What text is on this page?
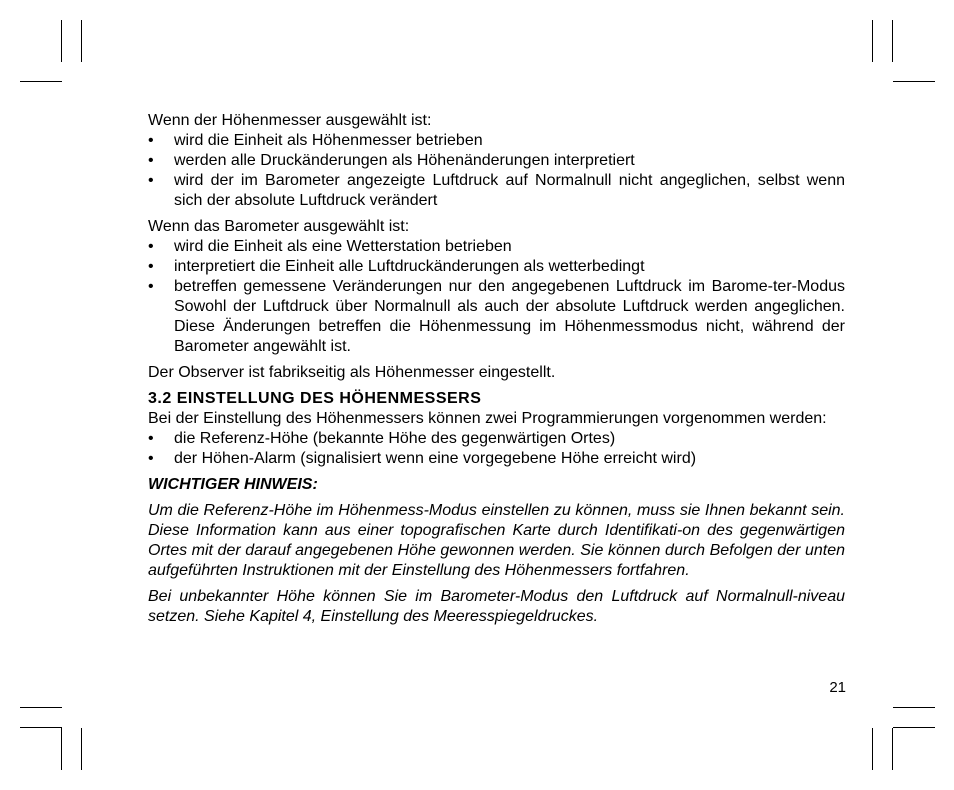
Wenn der Höhenmesser ausgewählt ist:

• wird die Einheit als Höhenmesser betrieben
• werden alle Druckänderungen als Höhenänderungen interpretiert
• wird der im Barometer angezeigte Luftdruck auf Normalnull nicht angeglichen, selbst wenn sich der absolute Luftdruck verändert

Wenn das Barometer ausgewählt ist:

• wird die Einheit als eine Wetterstation betrieben
• interpretiert die Einheit alle Luftdruckänderungen als wetterbedingt
• betreffen gemessene Veränderungen nur den angegebenen Luftdruck im Barome-ter-Modus Sowohl der Luftdruck über Normalnull als auch der absolute Luftdruck werden angeglichen. Diese Änderungen betreffen die Höhenmessung im Höhenmessmodus nicht, während der Barometer angewählt ist.

Der Observer ist fabrikseitig als Höhenmesser eingestellt.

3.2 EINSTELLUNG DES HÖHENMESSERS

Bei der Einstellung des Höhenmessers können zwei Programmierungen vorgenommen werden:

• die Referenz-Höhe (bekannte Höhe des gegenwärtigen Ortes)
• der Höhen-Alarm (signalisiert wenn eine vorgegebene Höhe erreicht wird)

WICHTIGER HINWEIS:

Um die Referenz-Höhe im Höhenmess-Modus einstellen zu können, muss sie Ihnen bekannt sein. Diese Information kann aus einer topografischen Karte durch Identifikati-on des gegenwärtigen Ortes mit der darauf angegebenen Höhe gewonnen werden. Sie können durch Befolgen der unten aufgeführten Instruktionen mit der Einstellung des Höhenmessers fortfahren.

Bei unbekannter Höhe können Sie im Barometer-Modus den Luftdruck auf Normalnull-niveau setzen. Siehe Kapitel 4, Einstellung des Meeresspiegeldruckes.

21
